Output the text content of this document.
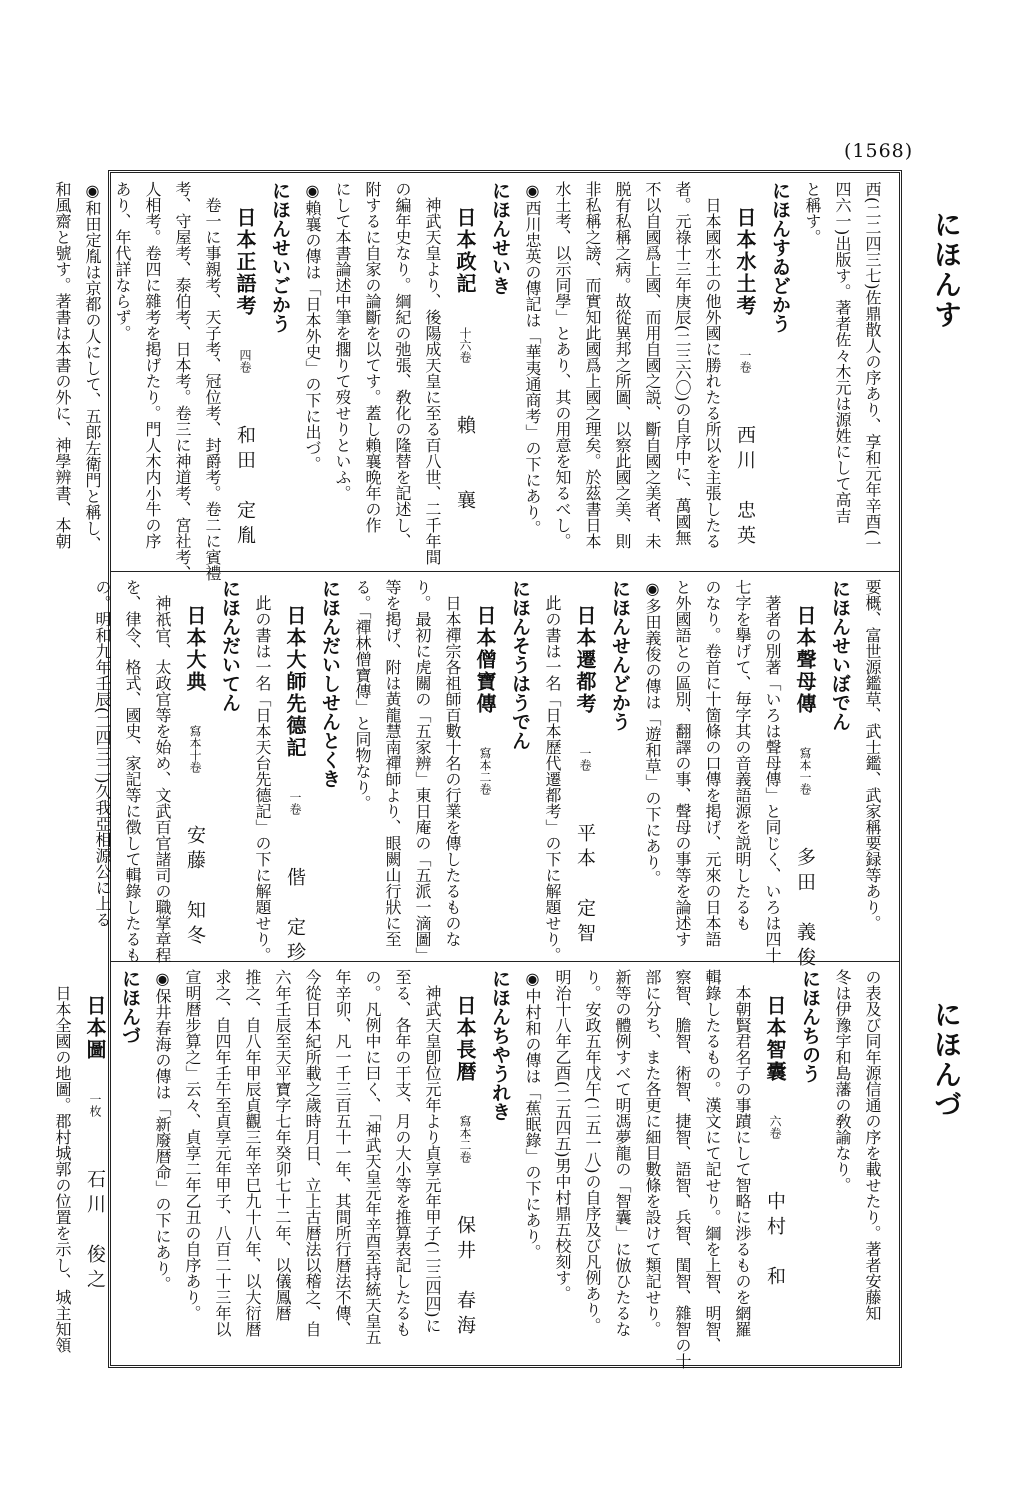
(1568)
にほんす
にほんづ
西(二二四三七)佐鼎散人の序あり、享和元年辛酉(一
四六一)出版す。著者佐々木元は源姓にして高吉
と稱す。
にほんすゐどかう
日本水土考一卷西川　忠英
日本國水土の他外國に勝れたる所以を主張したる
者。元祿十三年庚辰(二三六〇)の自序中に、萬國無
不以自國爲上國、而用自國之説、斷自國之美者、未
脱有私稱之病。故從異邦之所圖、以察此國之美、則
非私稱之謗、而實知此國爲上國之理矣。於茲書日本
水土考、以示同學」とあり、其の用意を知るべし。
◉西川忠英の傳記は「華夷通商考」の下にあり。
にほんせいき
日本政記十六卷賴　　襄
神武天皇より、後陽成天皇に至る百八世、二千年間
の編年史なり。綱紀の弛張、敎化の隆替を記述し、
附するに自家の論斷を以てす。蓋し賴襄晩年の作
にして本書論述中筆を擱りて歿せりといふ。
◉賴襄の傳は「日本外史」の下に出づ。
にほんせいごかう
日本正語考四卷和田　定胤
卷一に事親考、天子考、冠位考、封爵考。卷二に賓禮
考、守屋考、泰伯考、日本考。卷三に神道考、宮社考、
人相考。卷四に雜考を掲げたり。門人木内小牛の序
あり、年代詳ならず。
◉和田定胤は京都の人にして、五郎左衛門と稱し、
和風齋と號す。著書は本書の外に、神學辨書、本朝
要概、富世源鑑草、武士鑑、武家稱要録等あり。
にほんせいぼでん
日本聲母傳寫本一卷多田　義俊
著者の別著「いろは聲母傳」と同じく、いろは四十
七字を擧げて、毎字其の音義語源を説明したるも
のなり。卷首に十箇條の口傳を掲げ、元來の日本語
と外國語との區別、翻譯の事、聲母の事等を論述す
◉多田義俊の傳は「遊和草」の下にあり。
にほんせんどかう
日本遷都考一卷平本　定智
此の書は一名「日本歷代遷都考」の下に解題せり。
にほんそうはうでん
日本僧寶傳寫本二卷
日本禪宗各祖師百數十名の行業を傳したるものな
り。最初に虎關の「五家辨」東日庵の「五派一滴圖」
等を掲げ、附は黃龍慧南禪師より、眼闕山行狀に至
る。「禪林僧寶傳」と同物なり。
にほんだいしせんとくき
日本大師先德記一卷偕　定珍
此の書は一名「日本天台先德記」の下に解題せり。
にほんだいてん
日本大典寫本十卷安藤　知冬
神祇官、太政官等を始め、文武百官諸司の職掌章程
を、律令、格式、國史、家記等に徴して輯錄したるも
の。明和九年壬辰(二四三二)久我亞相源公に上る
の表及び同年源信通の序を載せたり。著者安藤知
冬は伊豫宇和島藩の敎諭なり。
にほんちのう
日本智囊六卷中村　和
本朝賢君名子の事蹟にして智略に渉るものを網羅
輯錄したるもの。漢文にて記せり。綱を上智、明智、
察智、膽智、術智、捷智、語智、兵智、閨智、雜智の十
部に分ち、また各更に細目數條を設けて類記せり。
新等の體例すべて明馮夢龍の「智囊」に倣ひたるな
り。安政五年戊午(二五一八)の自序及び凡例あり。
明治十八年乙酉(二五四五)男中村鼎五校刻す。
◉中村和の傳は「蕉眠錄」の下にあり。
にほんちやうれき
日本長暦寫本二卷保井　春海
神武天皇卽位元年より貞享元年甲子(二三四四)に
至る、各年の干支、月の大小等を推算表記したるも
の。凡例中に曰く、「神武天皇元年辛酉至持統天皇五
年辛卯、凡一千三百五十一年、其間所行暦法不傳、
今從日本紀所載之歲時月日、立上古暦法以稽之、自
六年壬辰至天平寶字七年癸卯七十二年、以儀鳳暦
推之、自八年甲辰貞觀三年辛巳九十八年、以大衍暦
求之、自四年壬午至貞享元年甲子、八百二十三年以
宣明暦步算之」云々、貞享二年乙丑の自序あり。
◉保井春海の傳は「新廢暦命」の下にあり。
にほんづ
日本圖一枚石川　俊之
日本全國の地圖。郡村城郭の位置を示し、城主知領
